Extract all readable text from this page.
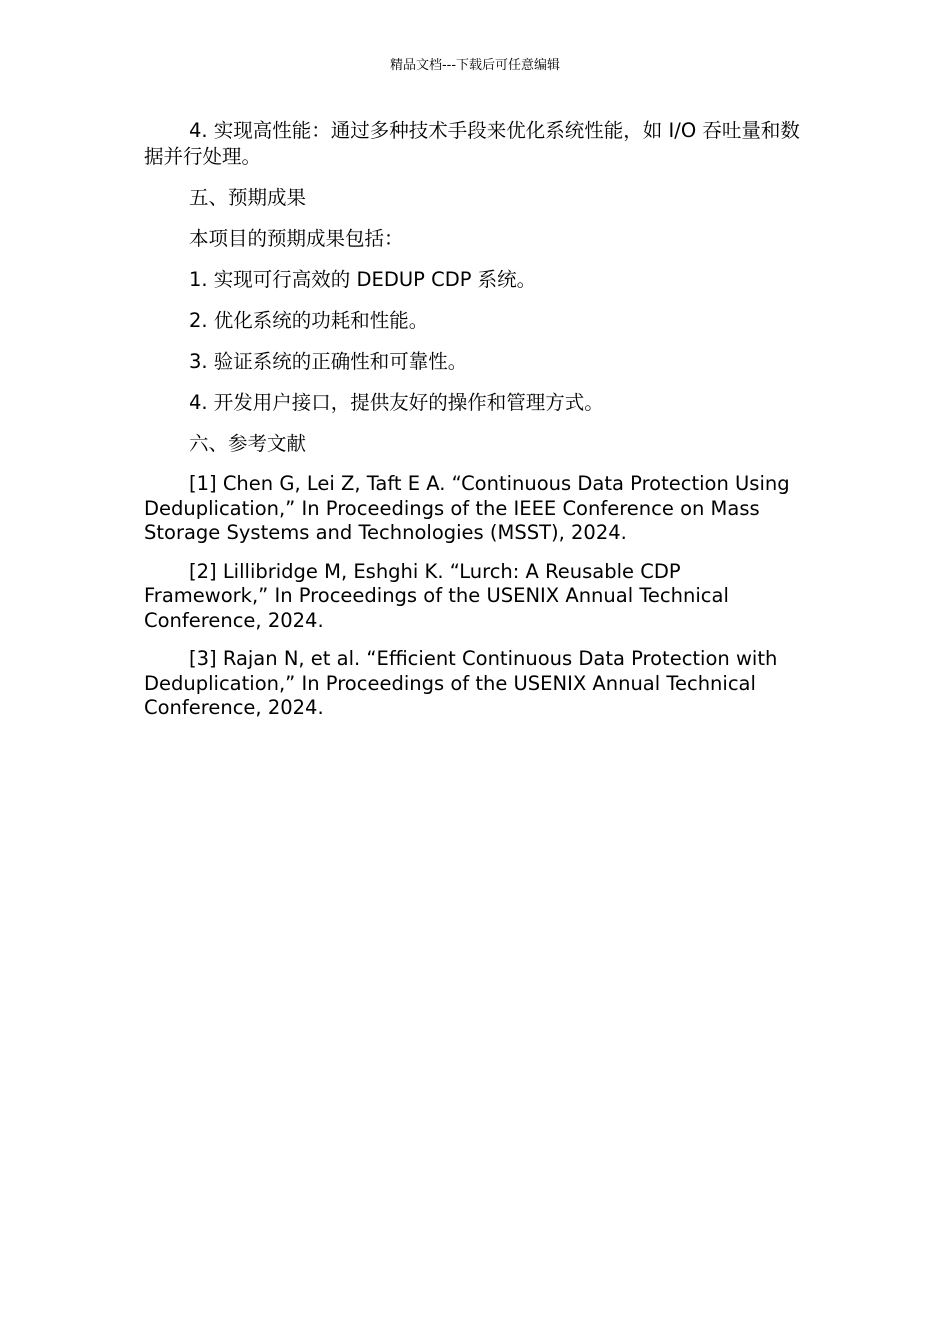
精品文档---下载后可任意编辑

4. 实现高性能：通过多种技术手段来优化系统性能，如 I/O 吞吐量和数据并行处理。

五、预期成果

本项目的预期成果包括：

1. 实现可行高效的 DEDUP CDP 系统。

2. 优化系统的功耗和性能。

3. 验证系统的正确性和可靠性。

4. 开发用户接口，提供友好的操作和管理方式。

六、参考文献

[1] Chen G, Lei Z, Taft E A. “Continuous Data Protection Using Deduplication,” In Proceedings of the IEEE Conference on Mass Storage Systems and Technologies (MSST), 2024.

[2] Lillibridge M, Eshghi K. “Lurch: A Reusable CDP Framework,” In Proceedings of the USENIX Annual Technical Conference, 2024.

[3] Rajan N, et al. “Efficient Continuous Data Protection with Deduplication,” In Proceedings of the USENIX Annual Technical Conference, 2024.
